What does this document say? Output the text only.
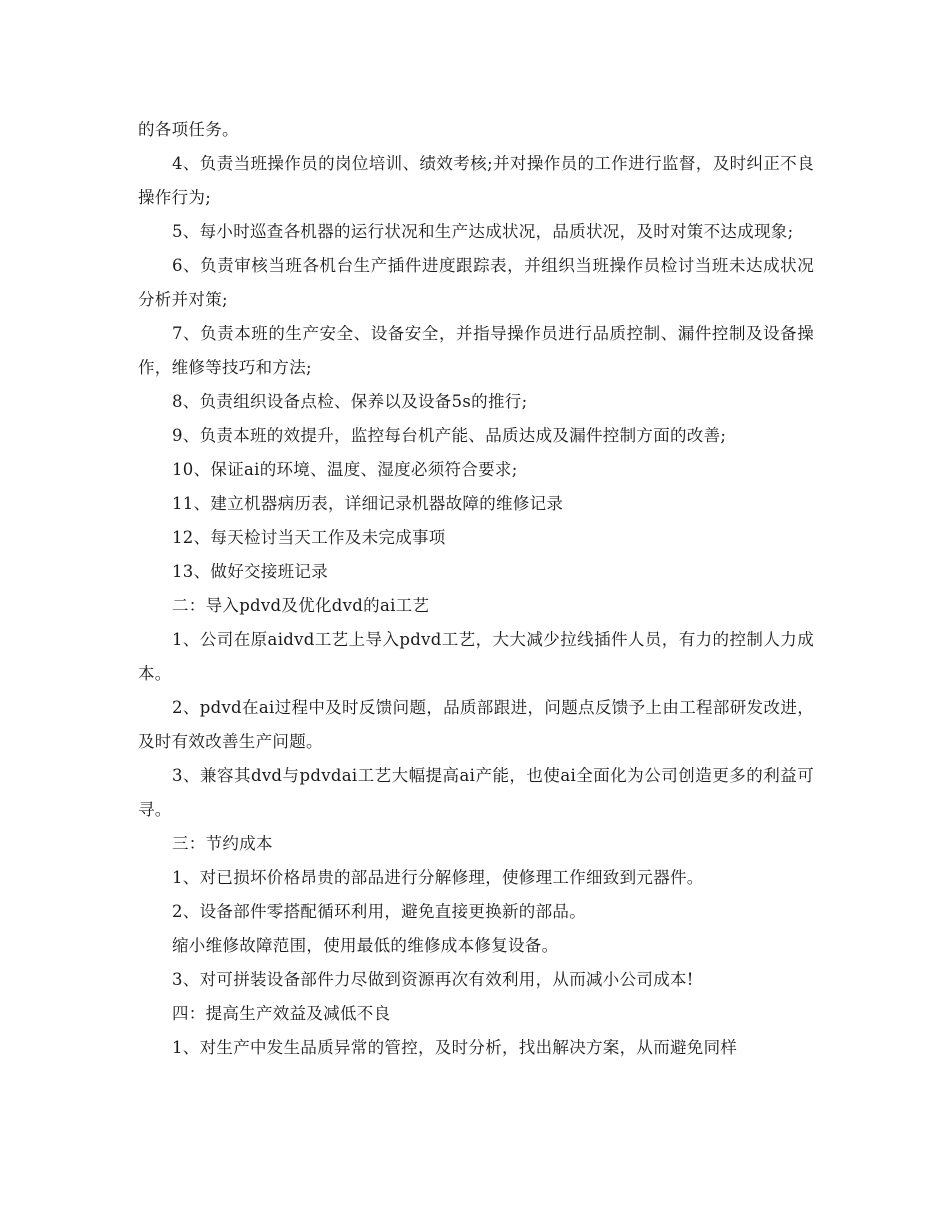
的各项任务。

4、负责当班操作员的岗位培训、绩效考核;并对操作员的工作进行监督，及时纠正不良操作行为;

5、每小时巡查各机器的运行状况和生产达成状况，品质状况，及时对策不达成现象;

6、负责审核当班各机台生产插件进度跟踪表，并组织当班操作员检讨当班未达成状况分析并对策;

7、负责本班的生产安全、设备安全，并指导操作员进行品质控制、漏件控制及设备操作，维修等技巧和方法;

8、负责组织设备点检、保养以及设备5s的推行;

9、负责本班的效提升，监控每台机产能、品质达成及漏件控制方面的改善;

10、保证ai的环境、温度、湿度必须符合要求;

11、建立机器病历表，详细记录机器故障的维修记录

12、每天检讨当天工作及未完成事项

13、做好交接班记录

二：导入pdvd及优化dvd的ai工艺

1、公司在原aidvd工艺上导入pdvd工艺，大大减少拉线插件人员，有力的控制人力成本。

2、pdvd在ai过程中及时反馈问题，品质部跟进，问题点反馈予上由工程部研发改进，及时有效改善生产问题。

3、兼容其dvd与pdvdai工艺大幅提高ai产能，也使ai全面化为公司创造更多的利益可寻。

三：节约成本

1、对已损坏价格昂贵的部品进行分解修理，使修理工作细致到元器件。

2、设备部件零搭配循环利用，避免直接更换新的部品。

缩小维修故障范围，使用最低的维修成本修复设备。

3、对可拼装设备部件力尽做到资源再次有效利用，从而减小公司成本!

四：提高生产效益及减低不良

1、对生产中发生品质异常的管控，及时分析，找出解决方案，从而避免同样
